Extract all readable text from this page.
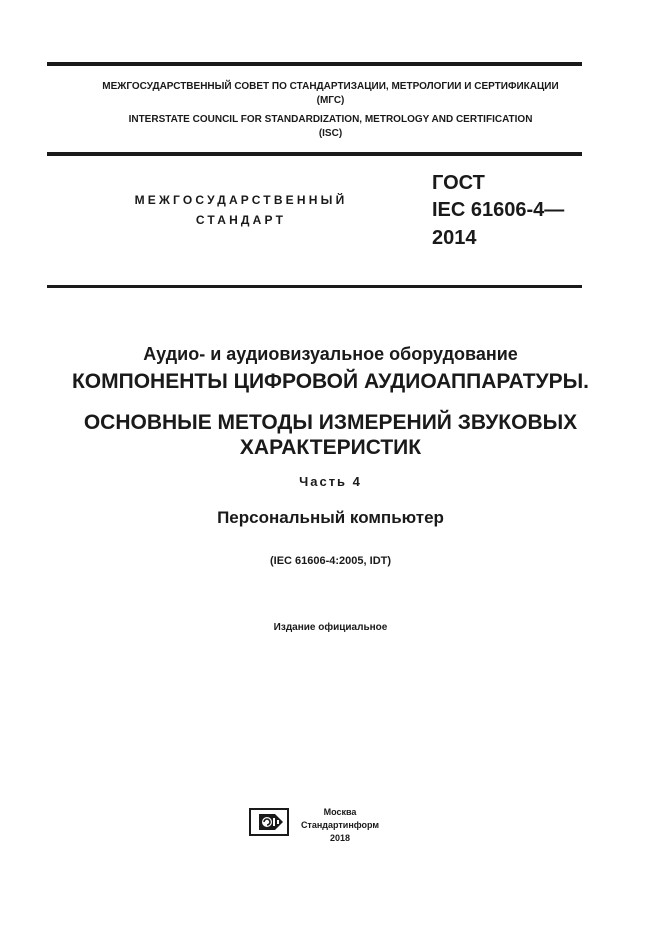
МЕЖГОСУДАРСТВЕННЫЙ СОВЕТ ПО СТАНДАРТИЗАЦИИ, МЕТРОЛОГИИ И СЕРТИФИКАЦИИ
(МГС)
INTERSTATE COUNCIL FOR STANDARDIZATION, METROLOGY AND CERTIFICATION
(ISC)
МЕЖГОСУДАРСТВЕННЫЙ
СТАНДАРТ
ГОСТ
IEC 61606-4—
2014
Аудио- и аудиовизуальное оборудование
КОМПОНЕНТЫ ЦИФРОВОЙ АУДИОАППАРАТУРЫ.
ОСНОВНЫЕ МЕТОДЫ ИЗМЕРЕНИЙ ЗВУКОВЫХ
ХАРАКТЕРИСТИК
Часть 4
Персональный компьютер
(IEC 61606-4:2005, IDT)
Издание официальное
Москва
Стандартинформ
2018
